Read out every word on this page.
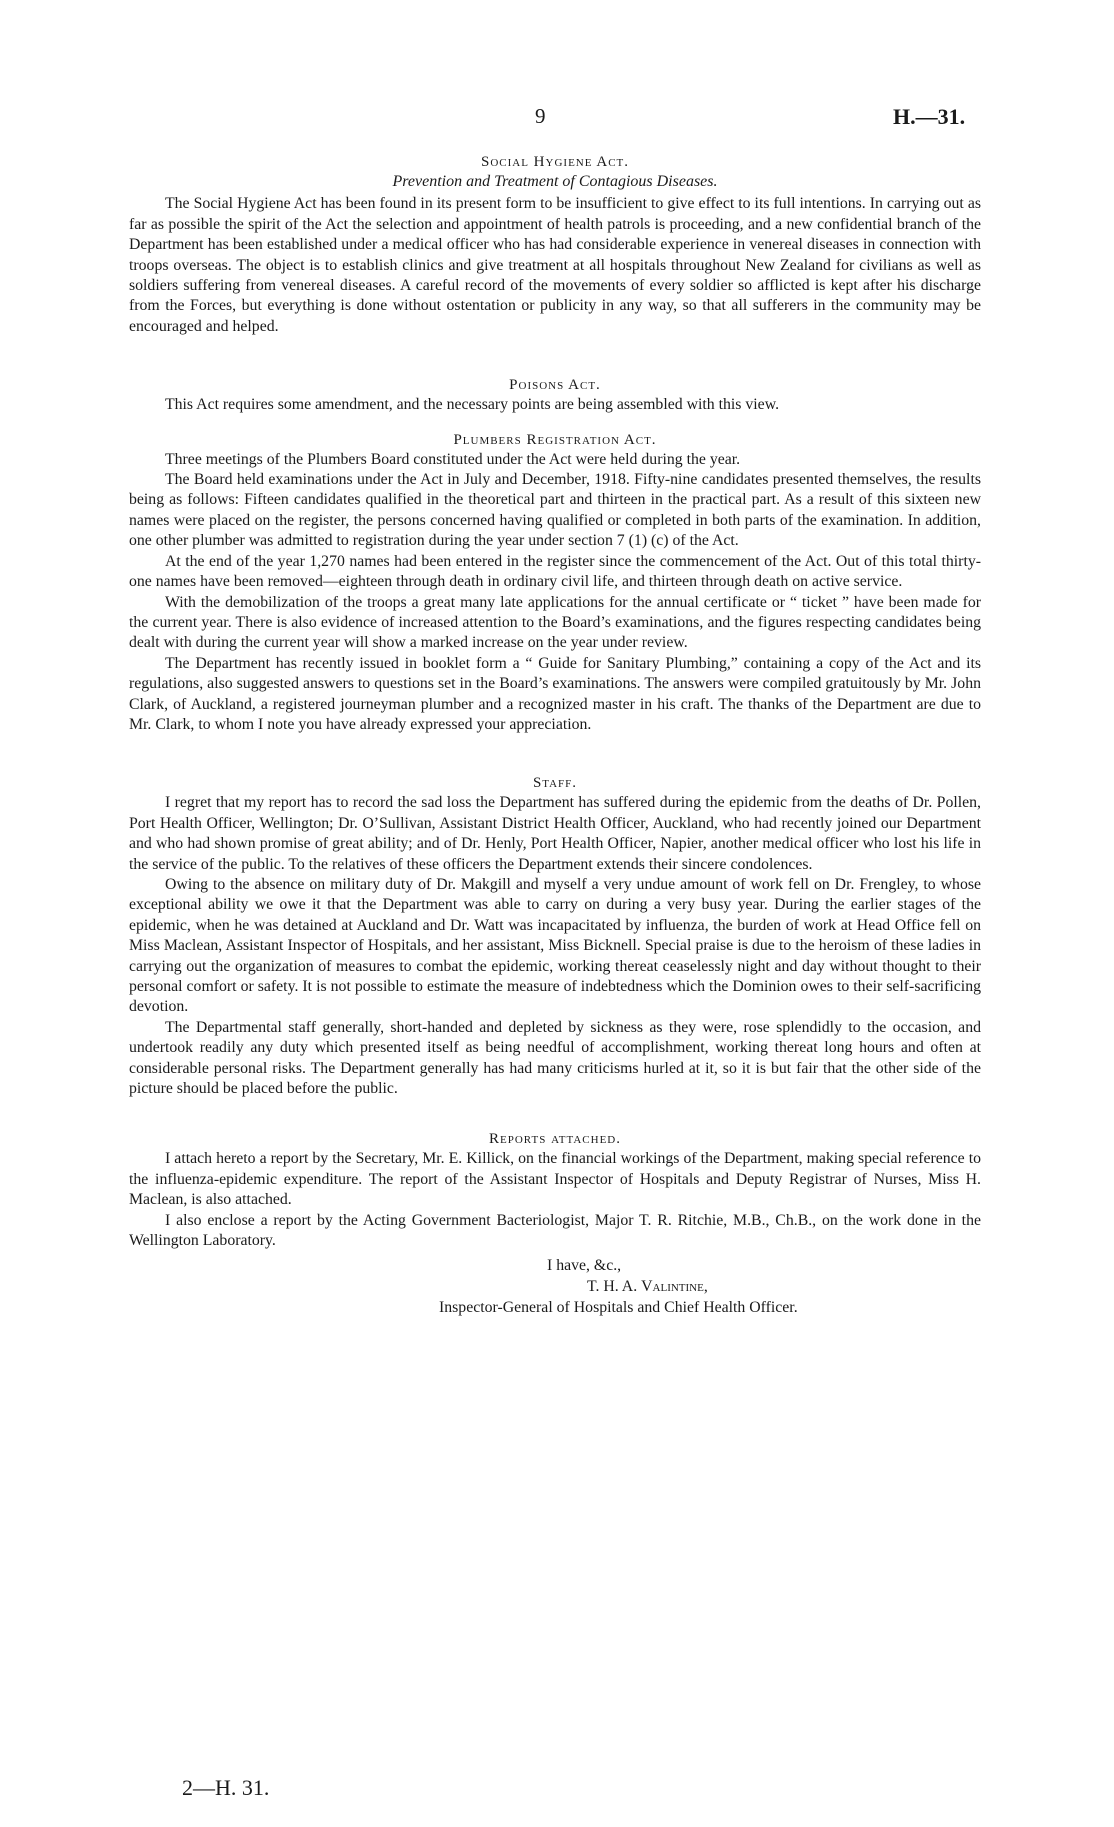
9	H.—31.
Social Hygiene Act.
Prevention and Treatment of Contagious Diseases.

The Social Hygiene Act has been found in its present form to be insufficient to give effect to its full intentions. In carrying out as far as possible the spirit of the Act the selection and appointment of health patrols is proceeding, and a new confidential branch of the Department has been established under a medical officer who has had considerable experience in venereal diseases in connection with troops overseas. The object is to establish clinics and give treatment at all hospitals throughout New Zealand for civilians as well as soldiers suffering from venereal diseases. A careful record of the movements of every soldier so afflicted is kept after his discharge from the Forces, but everything is done without ostentation or publicity in any way, so that all sufferers in the community may be encouraged and helped.

Poisons Act.

This Act requires some amendment, and the necessary points are being assembled with this view.

Plumbers Registration Act.

Three meetings of the Plumbers Board constituted under the Act were held during the year.

The Board held examinations under the Act in July and December, 1918. Fifty-nine candidates presented themselves, the results being as follows: Fifteen candidates qualified in the theoretical part and thirteen in the practical part. As a result of this sixteen new names were placed on the register, the persons concerned having qualified or completed in both parts of the examination. In addition, one other plumber was admitted to registration during the year under section 7 (1) (c) of the Act.

At the end of the year 1,270 names had been entered in the register since the commencement of the Act. Out of this total thirty-one names have been removed—eighteen through death in ordinary civil life, and thirteen through death on active service.

With the demobilization of the troops a great many late applications for the annual certificate or “ ticket ” have been made for the current year. There is also evidence of increased attention to the Board’s examinations, and the figures respecting candidates being dealt with during the current year will show a marked increase on the year under review.

The Department has recently issued in booklet form a “ Guide for Sanitary Plumbing,” containing a copy of the Act and its regulations, also suggested answers to questions set in the Board’s examinations. The answers were compiled gratuitously by Mr. John Clark, of Auckland, a registered journeyman plumber and a recognized master in his craft. The thanks of the Department are due to Mr. Clark, to whom I note you have already expressed your appreciation.

Staff.

I regret that my report has to record the sad loss the Department has suffered during the epidemic from the deaths of Dr. Pollen, Port Health Officer, Wellington; Dr. O’Sullivan, Assistant District Health Officer, Auckland, who had recently joined our Department and who had shown promise of great ability; and of Dr. Henly, Port Health Officer, Napier, another medical officer who lost his life in the service of the public. To the relatives of these officers the Department extends their sincere condolences.

Owing to the absence on military duty of Dr. Makgill and myself a very undue amount of work fell on Dr. Frengley, to whose exceptional ability we owe it that the Department was able to carry on during a very busy year. During the earlier stages of the epidemic, when he was detained at Auckland and Dr. Watt was incapacitated by influenza, the burden of work at Head Office fell on Miss Maclean, Assistant Inspector of Hospitals, and her assistant, Miss Bicknell. Special praise is due to the heroism of these ladies in carrying out the organization of measures to combat the epidemic, working thereat ceaselessly night and day without thought to their personal comfort or safety. It is not possible to estimate the measure of indebtedness which the Dominion owes to their self-sacrificing devotion.

The Departmental staff generally, short-handed and depleted by sickness as they were, rose splendidly to the occasion, and undertook readily any duty which presented itself as being needful of accomplishment, working thereat long hours and often at considerable personal risks. The Department generally has had many criticisms hurled at it, so it is but fair that the other side of the picture should be placed before the public.

Reports attached.

I attach hereto a report by the Secretary, Mr. E. Killick, on the financial workings of the Department, making special reference to the influenza-epidemic expenditure. The report of the Assistant Inspector of Hospitals and Deputy Registrar of Nurses, Miss H. Maclean, is also attached.

I also enclose a report by the Acting Government Bacteriologist, Major T. R. Ritchie, M.B., Ch.B., on the work done in the Wellington Laboratory.

I have, &c.,
T. H. A. Valintine,
Inspector-General of Hospitals and Chief Health Officer.
2—H. 31.
